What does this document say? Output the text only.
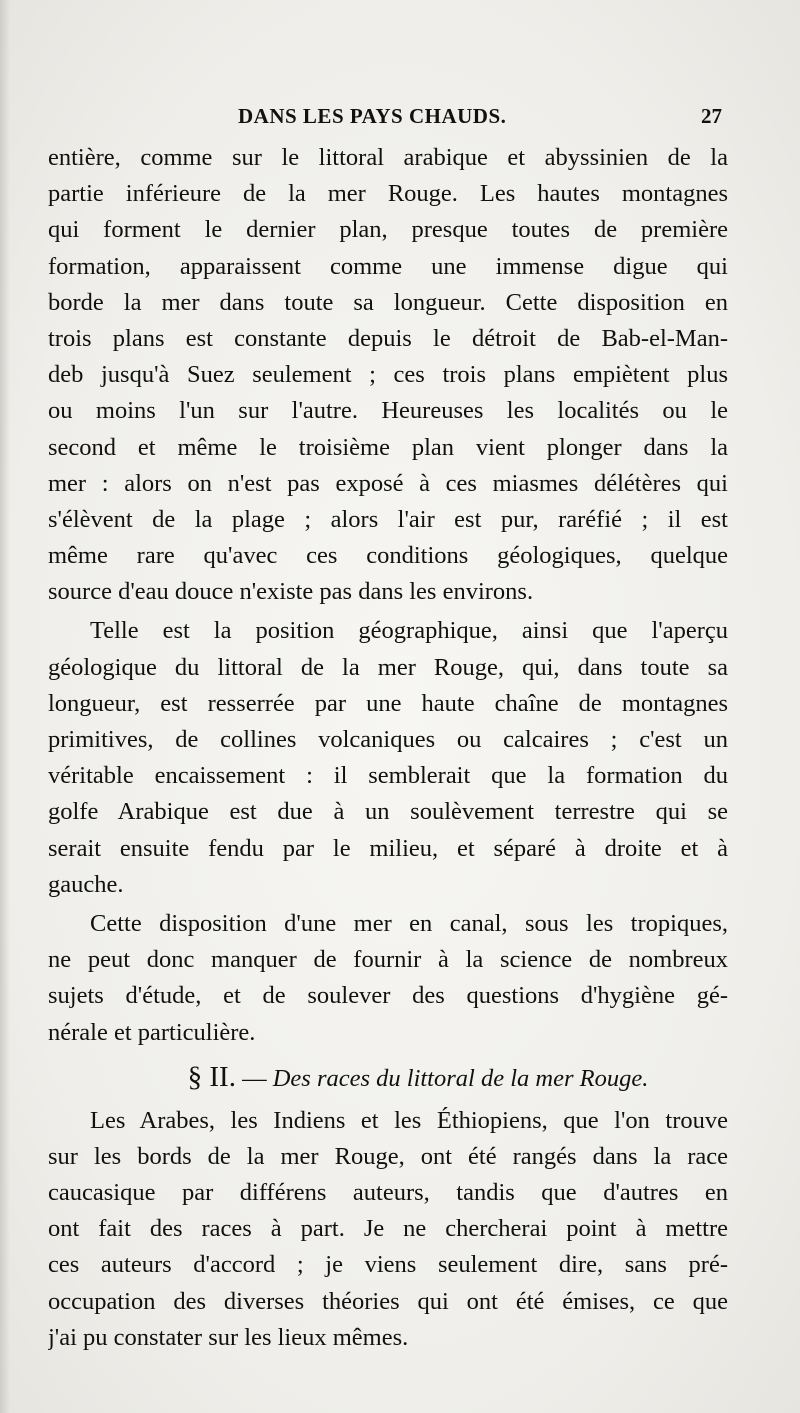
DANS LES PAYS CHAUDS.	27
entière, comme sur le littoral arabique et abyssinien de la
partie inférieure de la mer Rouge. Les hautes montagnes
qui forment le dernier plan, presque toutes de première
formation, apparaissent comme une immense digue qui
borde la mer dans toute sa longueur. Cette disposition en
trois plans est constante depuis le détroit de Bab-el-Man-
deb jusqu'à Suez seulement ; ces trois plans empiètent plus
ou moins l'un sur l'autre. Heureuses les localités ou le
second et même le troisième plan vient plonger dans la
mer : alors on n'est pas exposé à ces miasmes délétères qui
s'élèvent de la plage ; alors l'air est pur, raréfié ; il est
même rare qu'avec ces conditions géologiques, quelque
source d'eau douce n'existe pas dans les environs.
Telle est la position géographique, ainsi que l'aperçu
géologique du littoral de la mer Rouge, qui, dans toute sa
longueur, est resserrée par une haute chaîne de montagnes
primitives, de collines volcaniques ou calcaires ; c'est un
véritable encaissement : il semblerait que la formation du
golfe Arabique est due à un soulèvement terrestre qui se
serait ensuite fendu par le milieu, et séparé à droite et à
gauche.
Cette disposition d'une mer en canal, sous les tropiques,
ne peut donc manquer de fournir à la science de nombreux
sujets d'étude, et de soulever des questions d'hygiène gé-
nérale et particulière.
§ II. — Des races du littoral de la mer Rouge.
Les Arabes, les Indiens et les Éthiopiens, que l'on trouve
sur les bords de la mer Rouge, ont été rangés dans la race
caucasique par différens auteurs, tandis que d'autres en
ont fait des races à part. Je ne chercherai point à mettre
ces auteurs d'accord ; je viens seulement dire, sans pré-
occupation des diverses théories qui ont été émises, ce que
j'ai pu constater sur les lieux mêmes.
